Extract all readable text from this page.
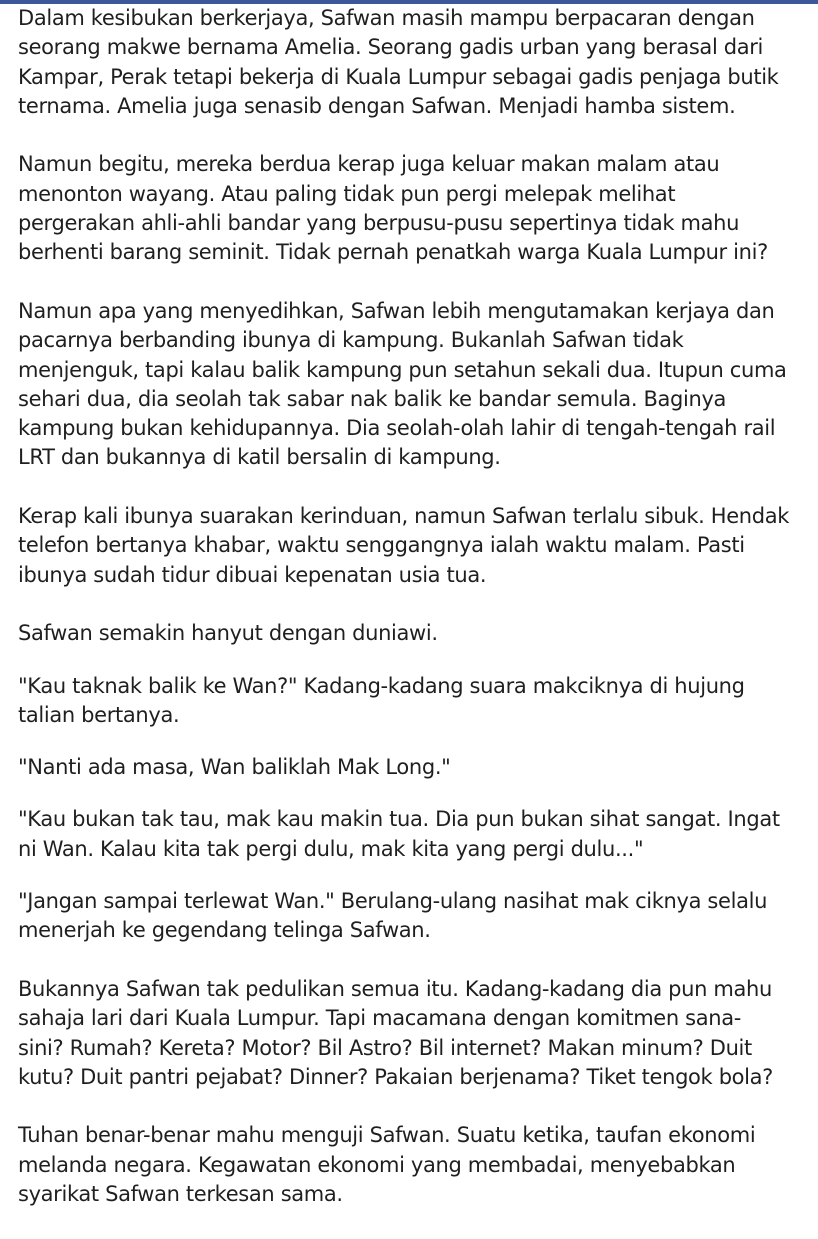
Dalam kesibukan berkerjaya, Safwan masih mampu berpacaran dengan
seorang makwe bernama Amelia. Seorang gadis urban yang berasal dari
Kampar, Perak tetapi bekerja di Kuala Lumpur sebagai gadis penjaga butik
ternama. Amelia juga senasib dengan Safwan. Menjadi hamba sistem.

Namun begitu, mereka berdua kerap juga keluar makan malam atau
menonton wayang. Atau paling tidak pun pergi melepak melihat
pergerakan ahli-ahli bandar yang berpusu-pusu sepertinya tidak mahu
berhenti barang seminit. Tidak pernah penatkah warga Kuala Lumpur ini?

Namun apa yang menyedihkan, Safwan lebih mengutamakan kerjaya dan
pacarnya berbanding ibunya di kampung. Bukanlah Safwan tidak
menjenguk, tapi kalau balik kampung pun setahun sekali dua. Itupun cuma
sehari dua, dia seolah tak sabar nak balik ke bandar semula. Baginya
kampung bukan kehidupannya. Dia seolah-olah lahir di tengah-tengah rail
LRT dan bukannya di katil bersalin di kampung.

Kerap kali ibunya suarakan kerinduan, namun Safwan terlalu sibuk. Hendak
telefon bertanya khabar, waktu senggangnya ialah waktu malam. Pasti
ibunya sudah tidur dibuai kepenatan usia tua.

Safwan semakin hanyut dengan duniawi.

"Kau taknak balik ke Wan?" Kadang-kadang suara makciknya di hujung
talian bertanya.

"Nanti ada masa, Wan baliklah Mak Long."

"Kau bukan tak tau, mak kau makin tua. Dia pun bukan sihat sangat. Ingat
ni Wan. Kalau kita tak pergi dulu, mak kita yang pergi dulu..."

"Jangan sampai terlewat Wan." Berulang-ulang nasihat mak ciknya selalu
menerjah ke gegendang telinga Safwan.

Bukannya Safwan tak pedulikan semua itu. Kadang-kadang dia pun mahu
sahaja lari dari Kuala Lumpur. Tapi macamana dengan komitmen sana-
sini? Rumah? Kereta? Motor? Bil Astro? Bil internet? Makan minum? Duit
kutu? Duit pantri pejabat? Dinner? Pakaian berjenama? Tiket tengok bola?

Tuhan benar-benar mahu menguji Safwan. Suatu ketika, taufan ekonomi
melanda negara. Kegawatan ekonomi yang membadai, menyebabkan
syarikat Safwan terkesan sama.
